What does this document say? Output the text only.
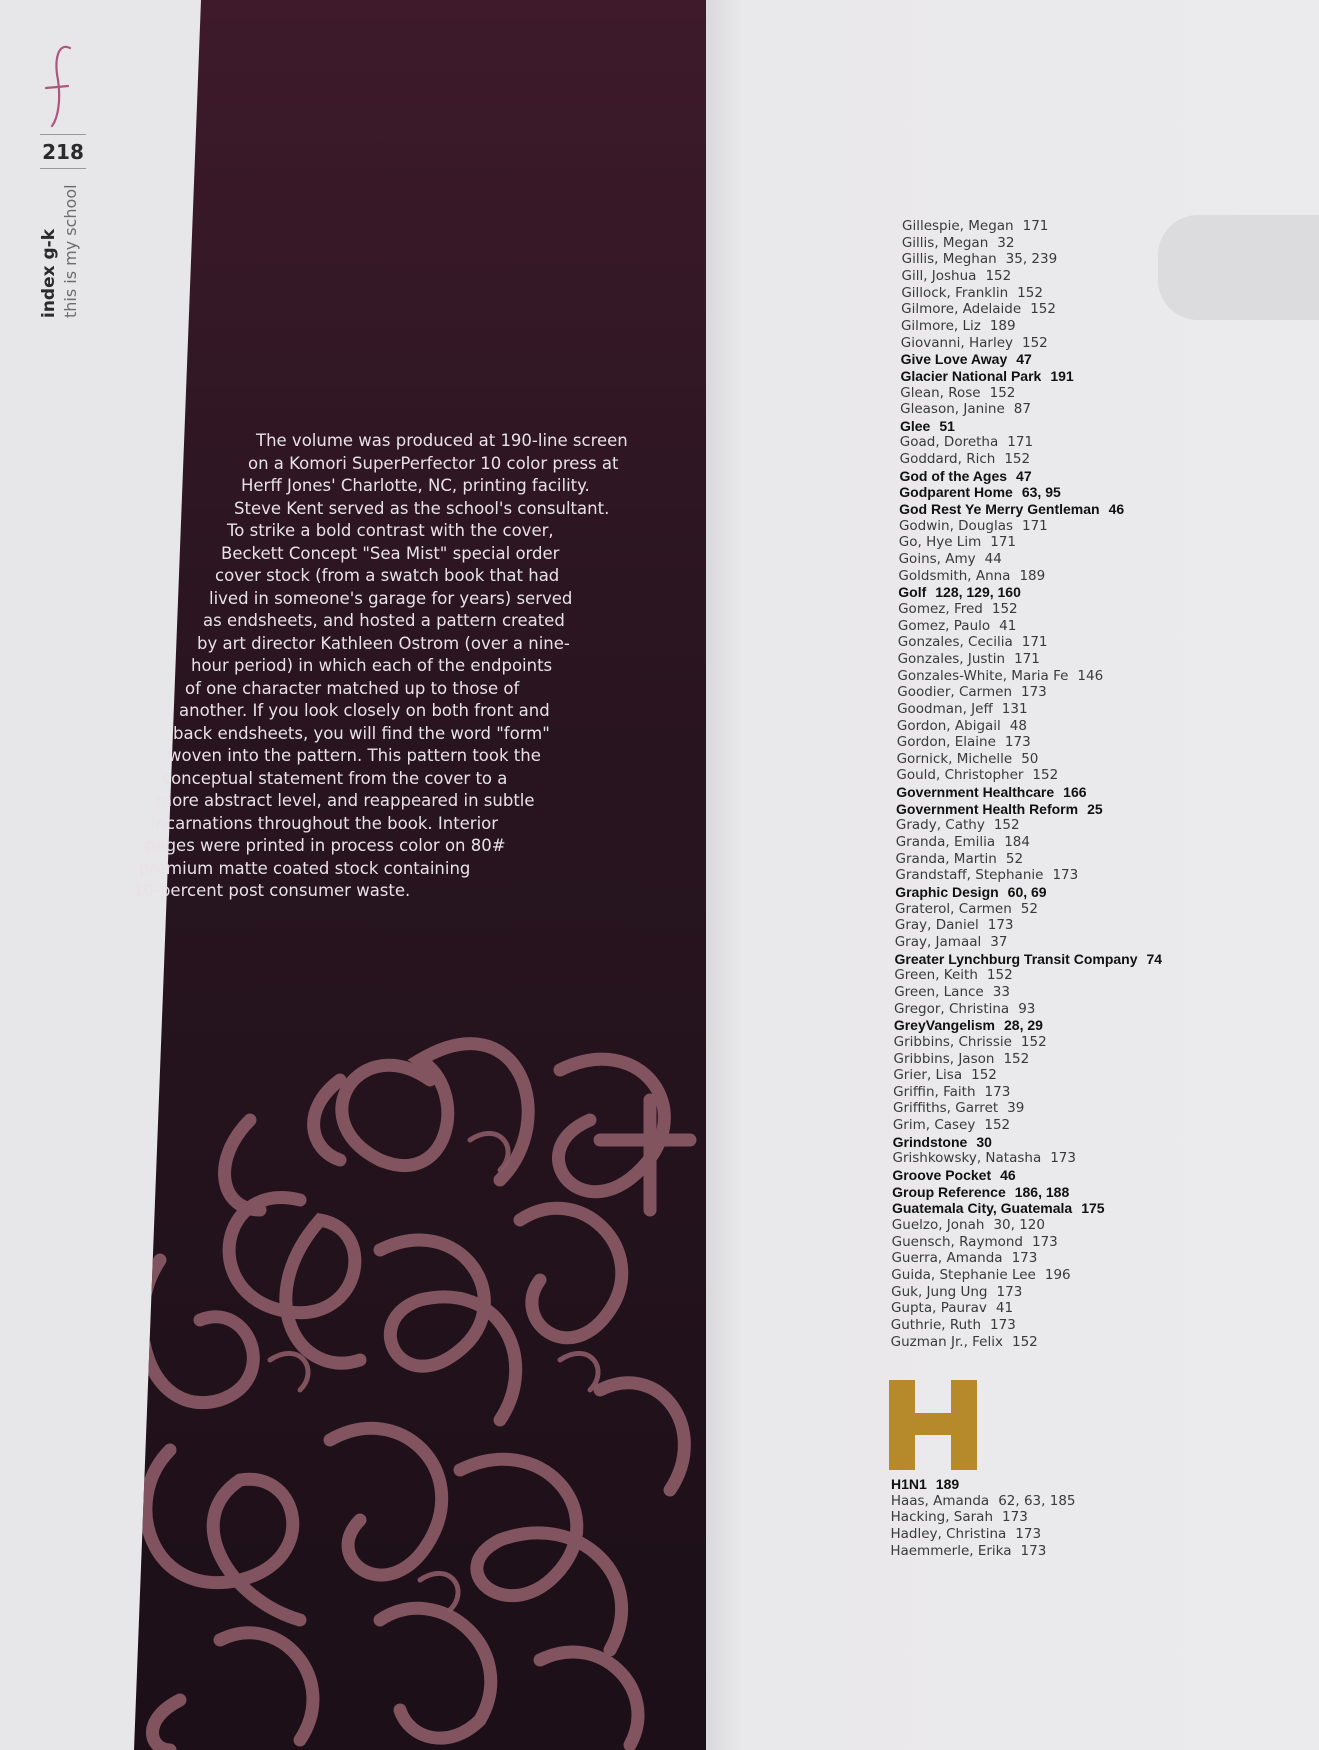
218
index g-k this is my school
The volume was produced at 190-line screen
on a Komori SuperPerfector 10 color press at
Herff Jones' Charlotte, NC, printing facility.
Steve Kent served as the school's consultant.
To strike a bold contrast with the cover,
Beckett Concept "Sea Mist" special order
cover stock (from a swatch book that had
lived in someone's garage for years) served
as endsheets, and hosted a pattern created
by art director Kathleen Ostrom (over a nine-
hour period) in which each of the endpoints
of one character matched up to those of
another. If you look closely on both front and
back endsheets, you will find the word "form"
woven into the pattern. This pattern took the
conceptual statement from the cover to a
more abstract level, and reappeared in subtle
incarnations throughout the book. Interior
pages were printed in process color on 80#
premium matte coated stock containing
10-percent post consumer waste.
Gillespie, Megan 171
Gillis, Megan 32
Gillis, Meghan 35, 239
Gill, Joshua 152
Gillock, Franklin 152
Gilmore, Adelaide 152
Gilmore, Liz 189
Giovanni, Harley 152
Give Love Away 47
Glacier National Park 191
Glean, Rose 152
Gleason, Janine 87
Glee 51
Goad, Doretha 171
Goddard, Rich 152
God of the Ages 47
Godparent Home 63, 95
God Rest Ye Merry Gentleman 46
Godwin, Douglas 171
Go, Hye Lim 171
Goins, Amy 44
Goldsmith, Anna 189
Golf 128, 129, 160
Gomez, Fred 152
Gomez, Paulo 41
Gonzales, Cecilia 171
Gonzales, Justin 171
Gonzales-White, Maria Fe 146
Goodier, Carmen 173
Goodman, Jeff 131
Gordon, Abigail 48
Gordon, Elaine 173
Gornick, Michelle 50
Gould, Christopher 152
Government Healthcare 166
Government Health Reform 25
Grady, Cathy 152
Granda, Emilia 184
Granda, Martin 52
Grandstaff, Stephanie 173
Graphic Design 60, 69
Graterol, Carmen 52
Gray, Daniel 173
Gray, Jamaal 37
Greater Lynchburg Transit Company 74
Green, Keith 152
Green, Lance 33
Gregor, Christina 93
GreyVangelism 28, 29
Gribbins, Chrissie 152
Gribbins, Jason 152
Grier, Lisa 152
Griffin, Faith 173
Griffiths, Garret 39
Grim, Casey 152
Grindstone 30
Grishkowsky, Natasha 173
Groove Pocket 46
Group Reference 186, 188
Guatemala City, Guatemala 175
Guelzo, Jonah 30, 120
Guensch, Raymond 173
Guerra, Amanda 173
Guida, Stephanie Lee 196
Guk, Jung Ung 173
Gupta, Paurav 41
Guthrie, Ruth 173
Guzman Jr., Felix 152
H1N1 189
Haas, Amanda 62, 63, 185
Hacking, Sarah 173
Hadley, Christina 173
Haemmerle, Erika 173
